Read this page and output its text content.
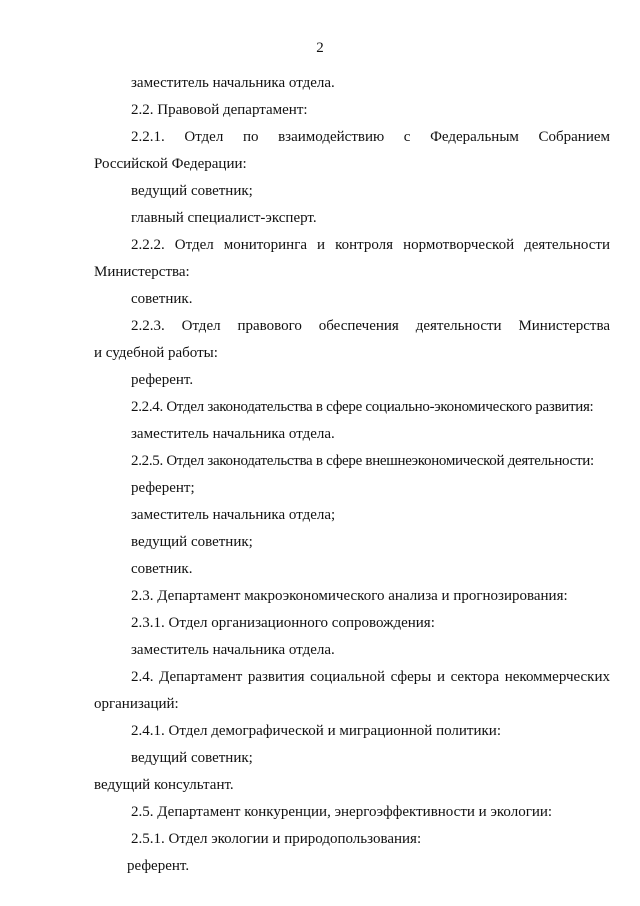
2
заместитель начальника отдела.
2.2. Правовой департамент:
2.2.1. Отдел по взаимодействию с Федеральным Собранием
Российской Федерации:
ведущий советник;
главный специалист-эксперт.
2.2.2. Отдел мониторинга и контроля нормотворческой деятельности
Министерства:
советник.
2.2.3. Отдел правового обеспечения деятельности Министерства
и судебной работы:
референт.
2.2.4. Отдел законодательства в сфере социально-экономического развития:
заместитель начальника отдела.
2.2.5. Отдел законодательства в сфере внешнеэкономической деятельности:
референт;
заместитель начальника отдела;
ведущий советник;
советник.
2.3. Департамент макроэкономического анализа и прогнозирования:
2.3.1. Отдел организационного сопровождения:
заместитель начальника отдела.
2.4. Департамент развития социальной сферы и сектора некоммерческих
организаций:
2.4.1. Отдел демографической и миграционной политики:
ведущий советник;
ведущий консультант.
2.5. Департамент конкуренции, энергоэффективности и экологии:
2.5.1. Отдел экологии и природопользования:
референт.
